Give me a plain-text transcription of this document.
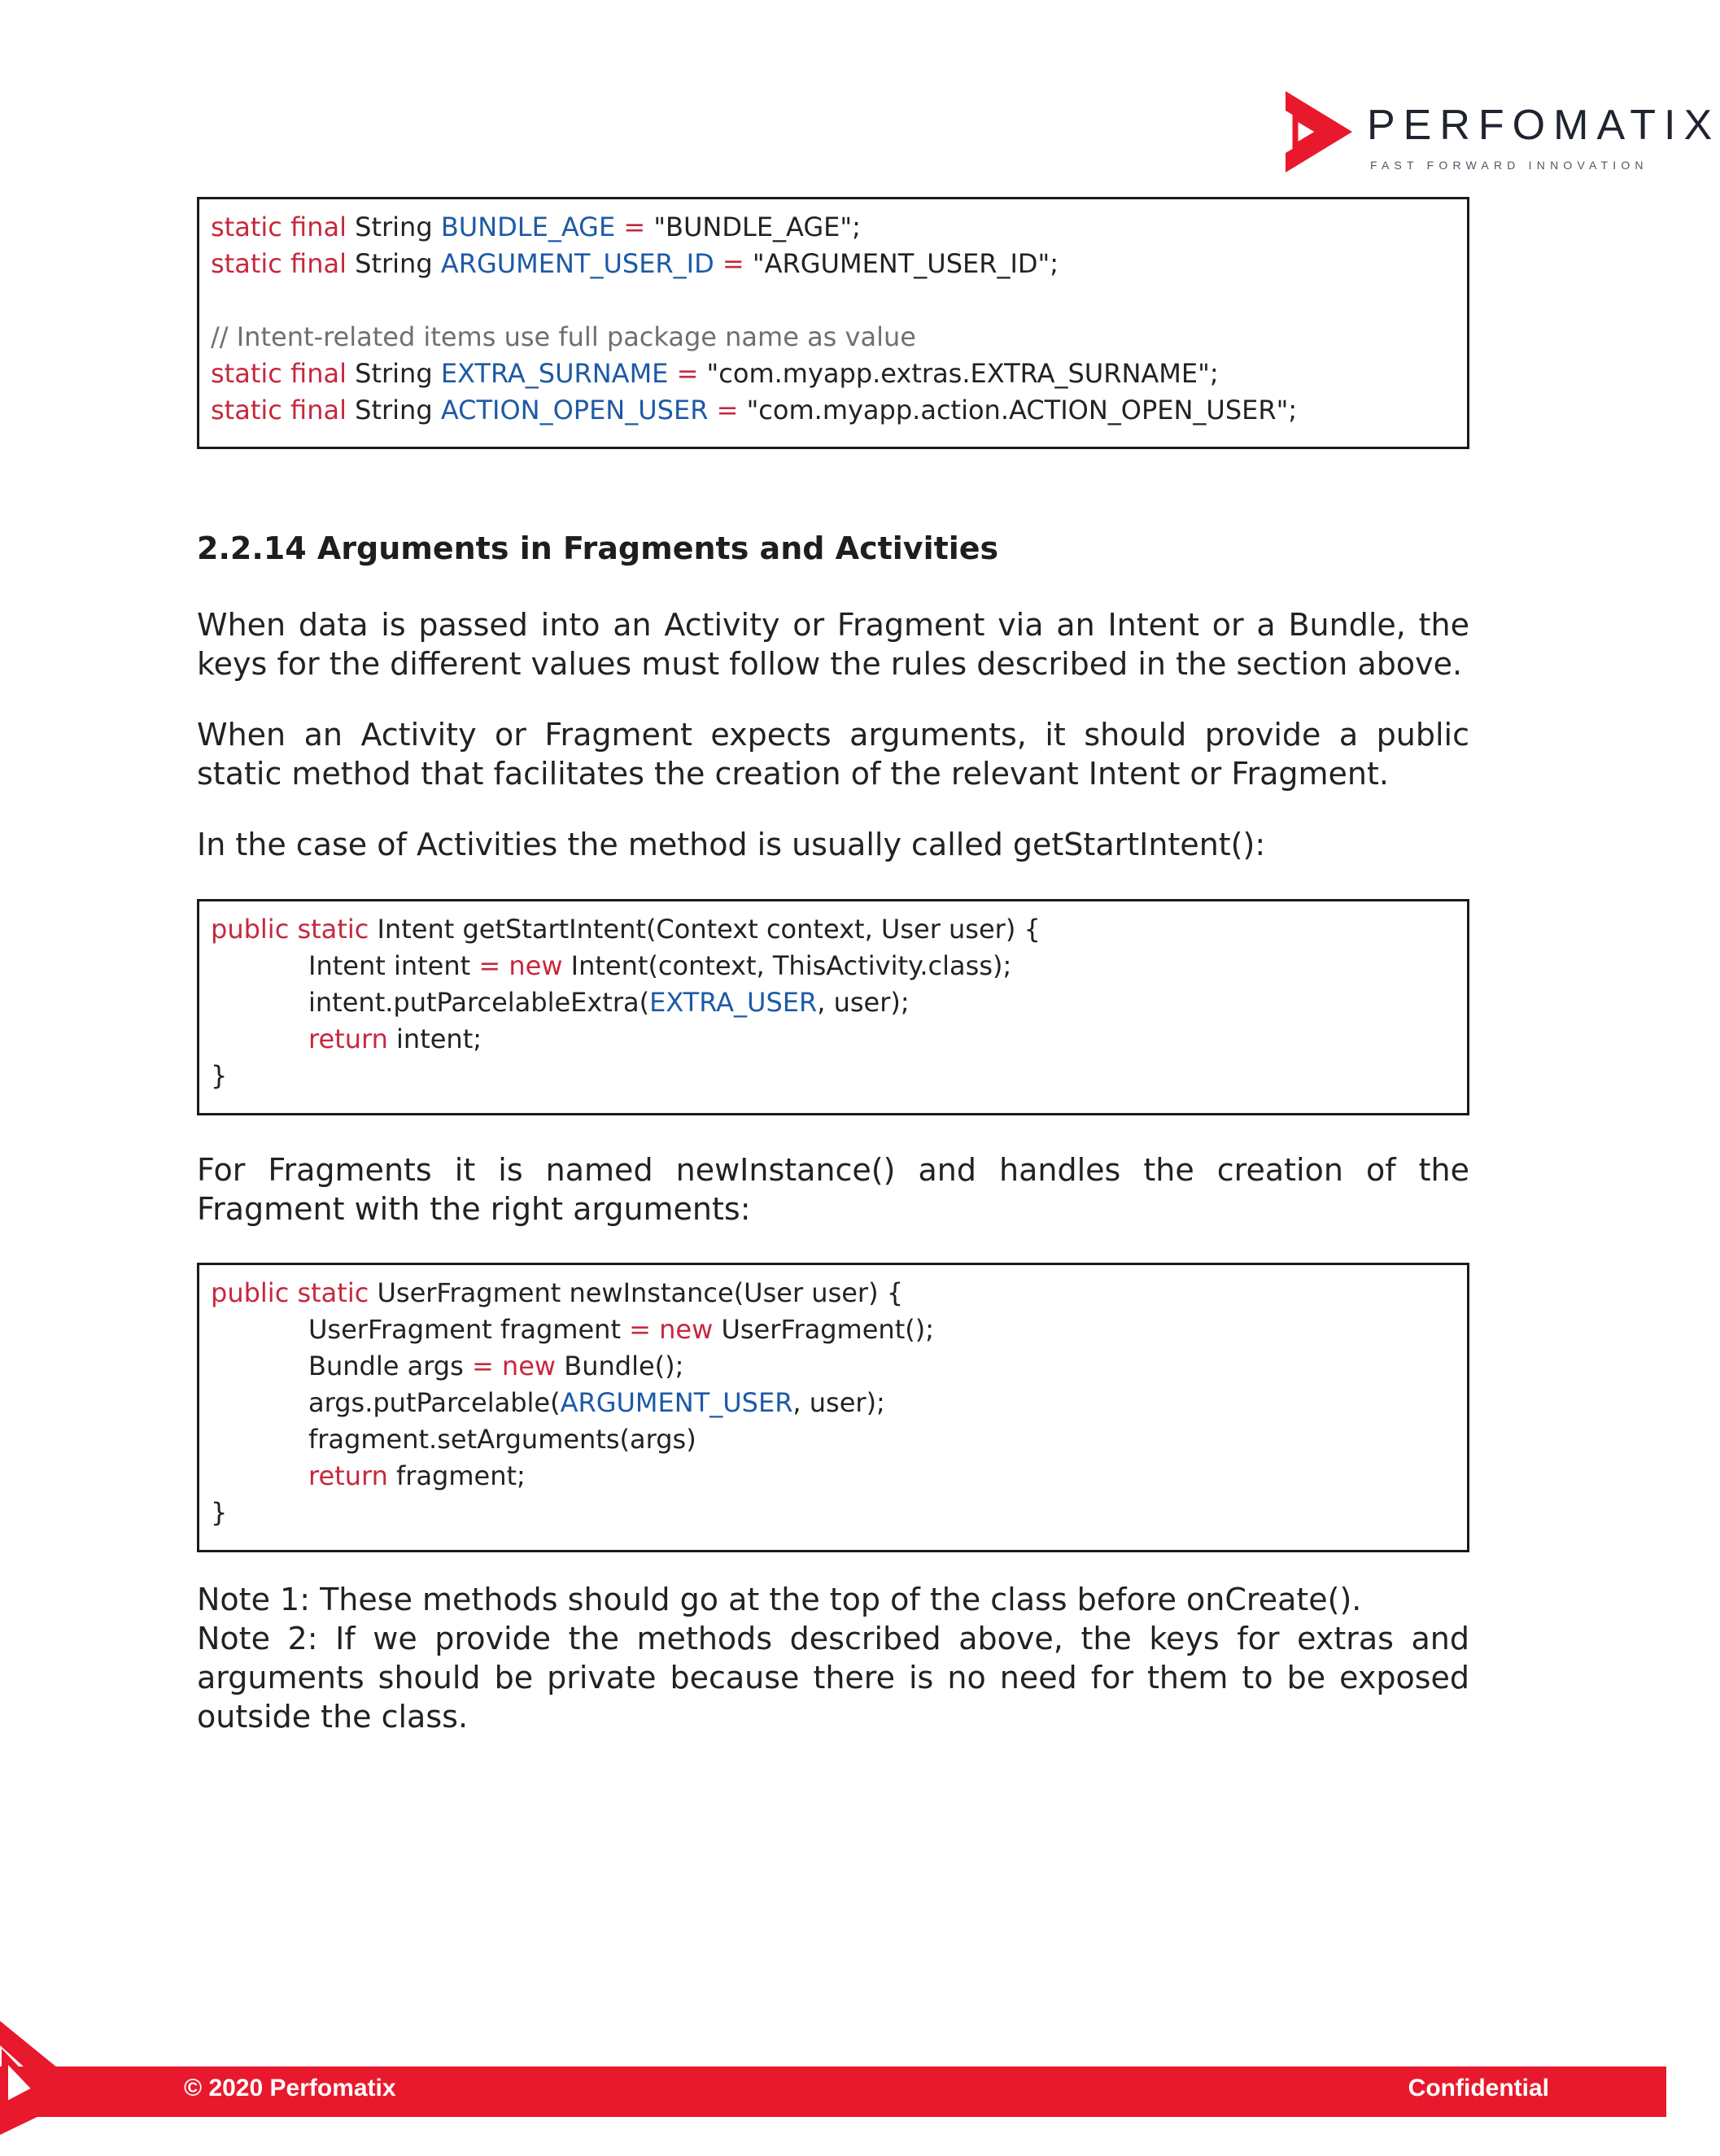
PERFOMATIX
FAST FORWARD INNOVATION
static final String BUNDLE_AGE = "BUNDLE_AGE";
static final String ARGUMENT_USER_ID = "ARGUMENT_USER_ID";
// Intent-related items use full package name as value
static final String EXTRA_SURNAME = "com.myapp.extras.EXTRA_SURNAME";
static final String ACTION_OPEN_USER = "com.myapp.action.ACTION_OPEN_USER";
2.2.14 Arguments in Fragments and Activities

When data is passed into an Activity or Fragment via an Intent or a Bundle, the keys for the different values must follow the rules described in the section above.

When an Activity or Fragment expects arguments, it should provide a public static method that facilitates the creation of the relevant Intent or Fragment.

In the case of Activities the method is usually called getStartIntent():

public static Intent getStartIntent(Context context, User user) {
Intent intent = new Intent(context, ThisActivity.class);
intent.putParcelableExtra(EXTRA_USER, user);
return intent;
}

For Fragments it is named newInstance() and handles the creation of the Fragment with the right arguments:

public static UserFragment newInstance(User user) {
UserFragment fragment = new UserFragment();
Bundle args = new Bundle();
args.putParcelable(ARGUMENT_USER, user);
fragment.setArguments(args)
return fragment;
}

Note 1: These methods should go at the top of the class before onCreate().

Note 2: If we provide the methods described above, the keys for extras and arguments should be private because there is no need for them to be exposed outside the class.

© 2020 Perfomatix	Confidential
